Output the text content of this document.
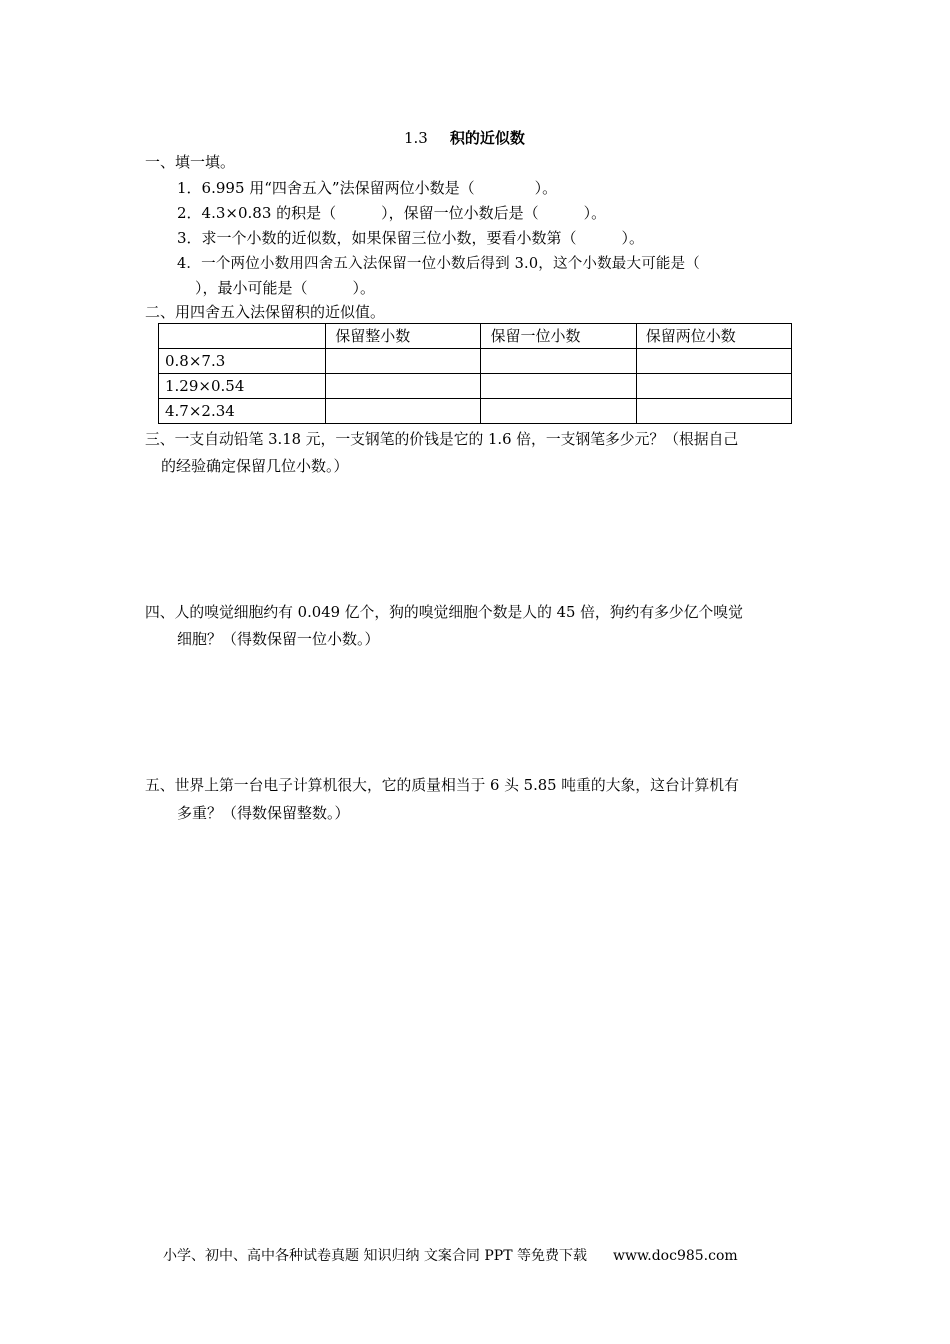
1.3 积的近似数
一、填一填。
1．6.995 用“四舍五入”法保留两位小数是（　　　　）。
2．4.3×0.83 的积是（　　　），保留一位小数后是（　　　）。
3．求一个小数的近似数，如果保留三位小数，要看小数第（　　　）。
4．一个两位小数用四舍五入法保留一位小数后得到 3.0，这个小数最大可能是（
），最小可能是（　　　）。
二、用四舍五入法保留积的近似值。
	保留整小数	保留一位小数	保留两位小数
0.8×7.3			
1.29×0.54			
4.7×2.34			
三、一支自动铅笔 3.18 元，一支钢笔的价钱是它的 1.6 倍，一支钢笔多少元？（根据自己
的经验确定保留几位小数。）
四、人的嗅觉细胞约有 0.049 亿个，狗的嗅觉细胞个数是人的 45 倍，狗约有多少亿个嗅觉
细胞？（得数保留一位小数。）
五、世界上第一台电子计算机很大，它的质量相当于 6 头 5.85 吨重的大象，这台计算机有
多重？（得数保留整数。）
小学、初中、高中各种试卷真题 知识归纳 文案合同 PPT 等免费下载 www.doc985.com
